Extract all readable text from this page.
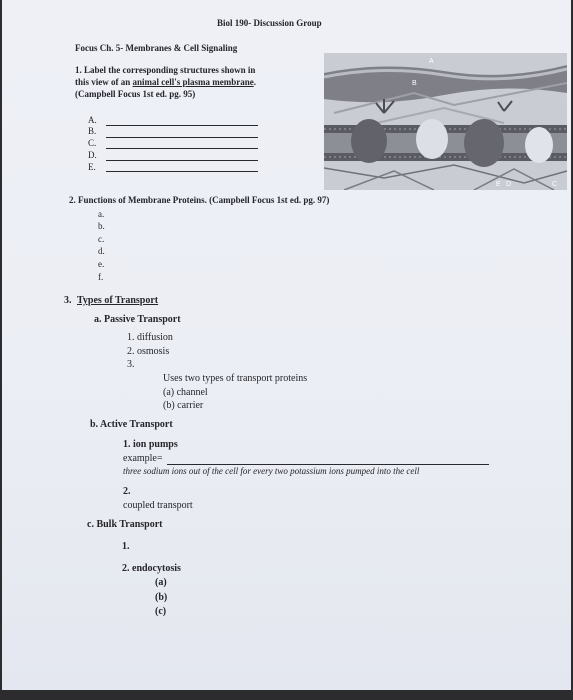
Biol 190- Discussion Group
Focus Ch. 5- Membranes & Cell Signaling
1. Label the corresponding structures shown in
this view of an animal cell's plasma membrane.
(Campbell Focus 1st ed. pg. 95)
A.
B.
C.
D.
E.
A
B
C
D
E
2. Functions of Membrane Proteins. (Campbell Focus 1st ed. pg. 97)
a.
b.
c.
d.
e.
f.
3. Types of Transport
a. Passive Transport
1. diffusion
2. osmosis
3.
Uses two types of transport proteins
(a) channel
(b) carrier
b. Active Transport
1. ion pumps
example=
three sodium ions out of the cell for every two potassium ions pumped into the cell
2.
coupled transport
c. Bulk Transport
1.
2. endocytosis
(a)
(b)
(c)
